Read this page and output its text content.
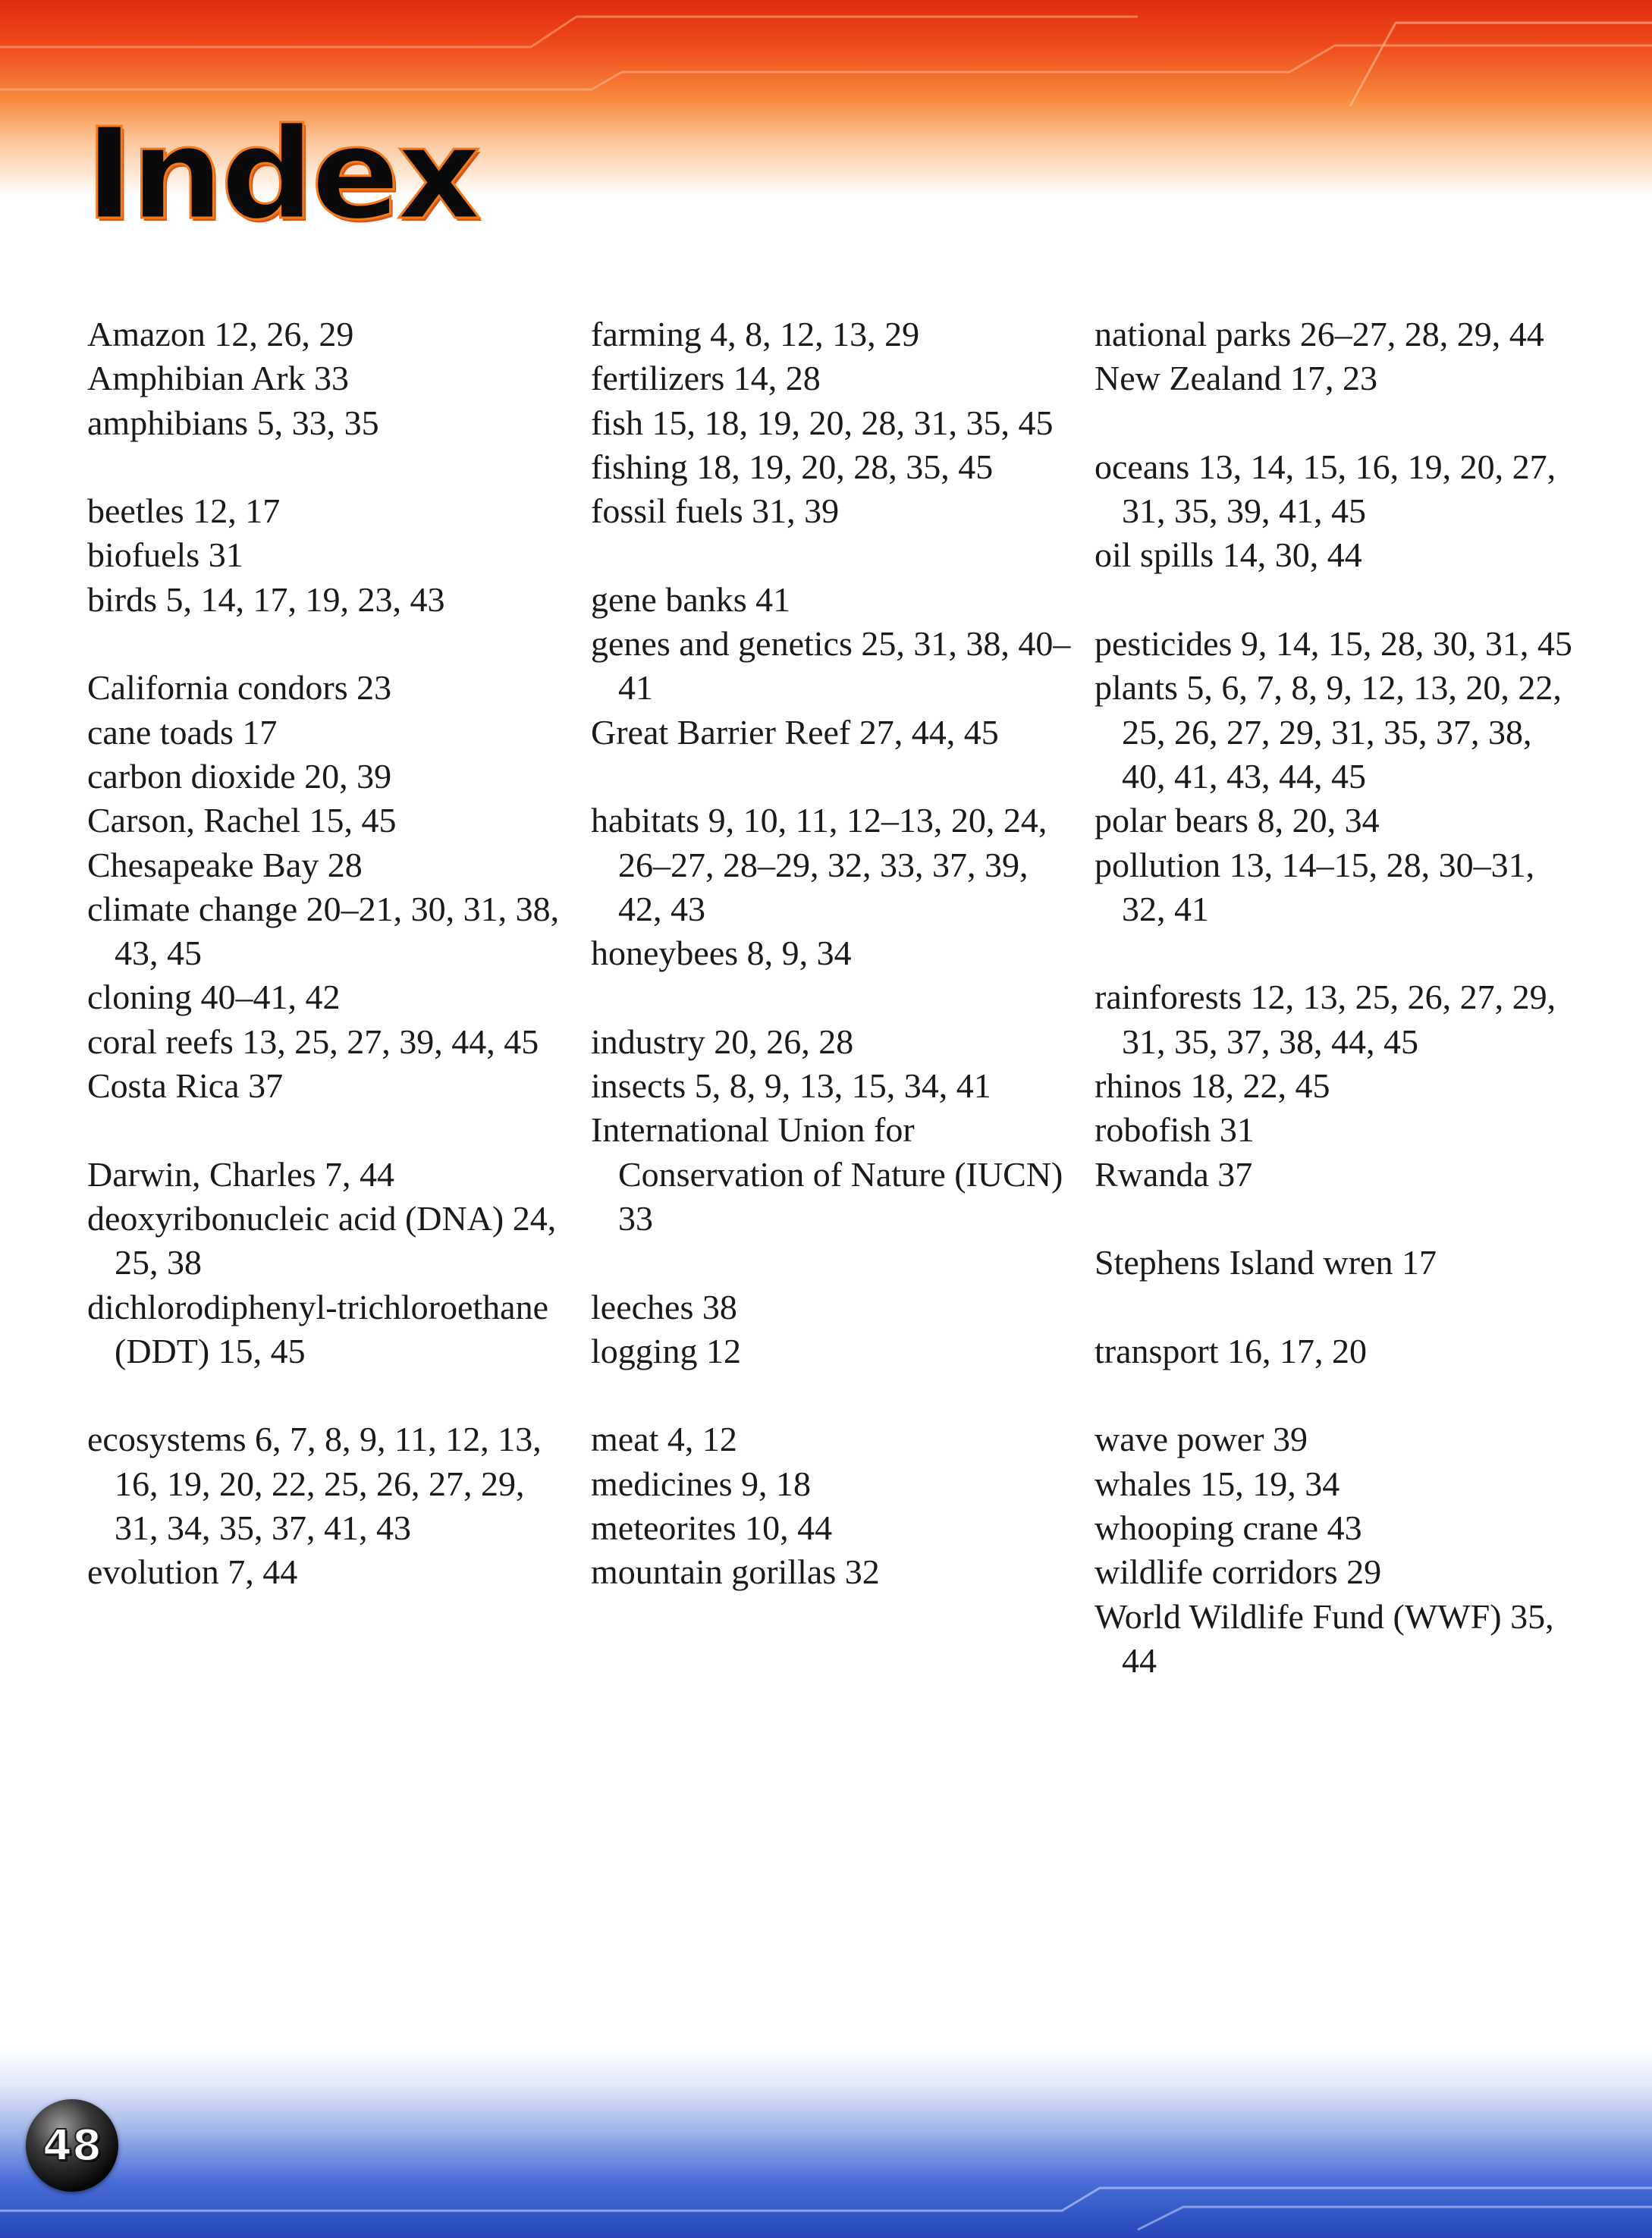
Index
Amazon 12, 26, 29
Amphibian Ark 33
amphibians 5, 33, 35
beetles 12, 17
biofuels 31
birds 5, 14, 17, 19, 23, 43
California condors 23
cane toads 17
carbon dioxide 20, 39
Carson, Rachel 15, 45
Chesapeake Bay 28
climate change 20–21, 30, 31, 38, 43, 45
cloning 40–41, 42
coral reefs 13, 25, 27, 39, 44, 45
Costa Rica 37
Darwin, Charles 7, 44
deoxyribonucleic acid (DNA) 24, 25, 38
dichlorodiphenyl-trichloroethane (DDT) 15, 45
ecosystems 6, 7, 8, 9, 11, 12, 13, 16, 19, 20, 22, 25, 26, 27, 29, 31, 34, 35, 37, 41, 43
evolution 7, 44
farming 4, 8, 12, 13, 29
fertilizers 14, 28
fish 15, 18, 19, 20, 28, 31, 35, 45
fishing 18, 19, 20, 28, 35, 45
fossil fuels 31, 39
gene banks 41
genes and genetics 25, 31, 38, 40–41
Great Barrier Reef 27, 44, 45
habitats 9, 10, 11, 12–13, 20, 24, 26–27, 28–29, 32, 33, 37, 39, 42, 43
honeybees 8, 9, 34
industry 20, 26, 28
insects 5, 8, 9, 13, 15, 34, 41
International Union for Conservation of Nature (IUCN) 33
leeches 38
logging 12
meat 4, 12
medicines 9, 18
meteorites 10, 44
mountain gorillas 32
national parks 26–27, 28, 29, 44
New Zealand 17, 23
oceans 13, 14, 15, 16, 19, 20, 27, 31, 35, 39, 41, 45
oil spills 14, 30, 44
pesticides 9, 14, 15, 28, 30, 31, 45
plants 5, 6, 7, 8, 9, 12, 13, 20, 22, 25, 26, 27, 29, 31, 35, 37, 38, 40, 41, 43, 44, 45
polar bears 8, 20, 34
pollution 13, 14–15, 28, 30–31, 32, 41
rainforests 12, 13, 25, 26, 27, 29, 31, 35, 37, 38, 44, 45
rhinos 18, 22, 45
robofish 31
Rwanda 37
Stephens Island wren 17
transport 16, 17, 20
wave power 39
whales 15, 19, 34
whooping crane 43
wildlife corridors 29
World Wildlife Fund (WWF) 35, 44
48
